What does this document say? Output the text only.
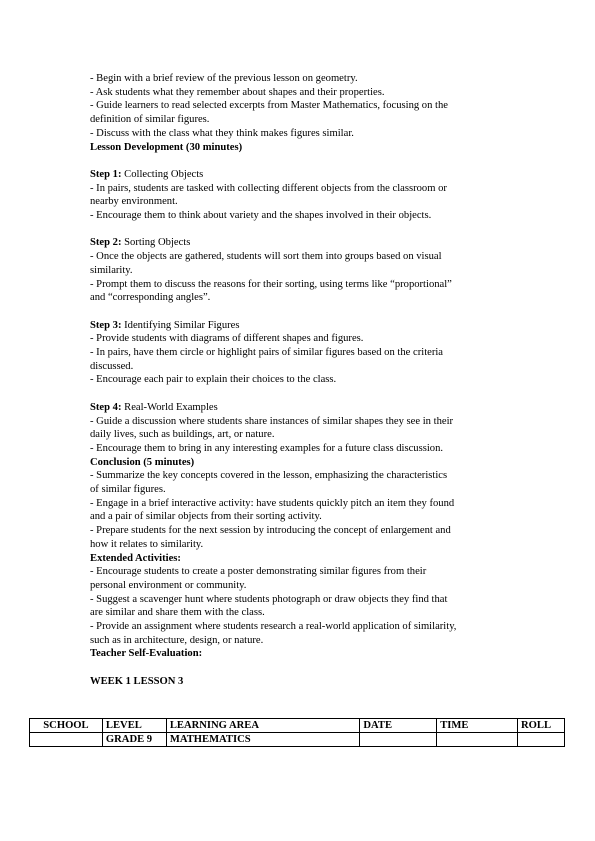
- Begin with a brief review of the previous lesson on geometry.
- Ask students what they remember about shapes and their properties.
- Guide learners to read selected excerpts from Master Mathematics, focusing on the
definition of similar figures.
- Discuss with the class what they think makes figures similar.
Lesson Development (30 minutes)
Step 1: Collecting Objects
- In pairs, students are tasked with collecting different objects from the classroom or
nearby environment.
- Encourage them to think about variety and the shapes involved in their objects.
Step 2: Sorting Objects
- Once the objects are gathered, students will sort them into groups based on visual
similarity.
- Prompt them to discuss the reasons for their sorting, using terms like “proportional”
and “corresponding angles”.
Step 3: Identifying Similar Figures
- Provide students with diagrams of different shapes and figures.
- In pairs, have them circle or highlight pairs of similar figures based on the criteria
discussed.
- Encourage each pair to explain their choices to the class.
Step 4: Real-World Examples
- Guide a discussion where students share instances of similar shapes they see in their
daily lives, such as buildings, art, or nature.
- Encourage them to bring in any interesting examples for a future class discussion.
Conclusion (5 minutes)
- Summarize the key concepts covered in the lesson, emphasizing the characteristics
of similar figures.
- Engage in a brief interactive activity: have students quickly pitch an item they found
and a pair of similar objects from their sorting activity.
- Prepare students for the next session by introducing the concept of enlargement and
how it relates to similarity.
Extended Activities:
- Encourage students to create a poster demonstrating similar figures from their
personal environment or community.
- Suggest a scavenger hunt where students photograph or draw objects they find that
are similar and share them with the class.
- Provide an assignment where students research a real-world application of similarity,
such as in architecture, design, or nature.
Teacher Self-Evaluation:
WEEK 1 LESSON 3
SCHOOL	LEVEL	LEARNING AREA	DATE	TIME	ROLL
	GRADE 9	MATHEMATICS			
